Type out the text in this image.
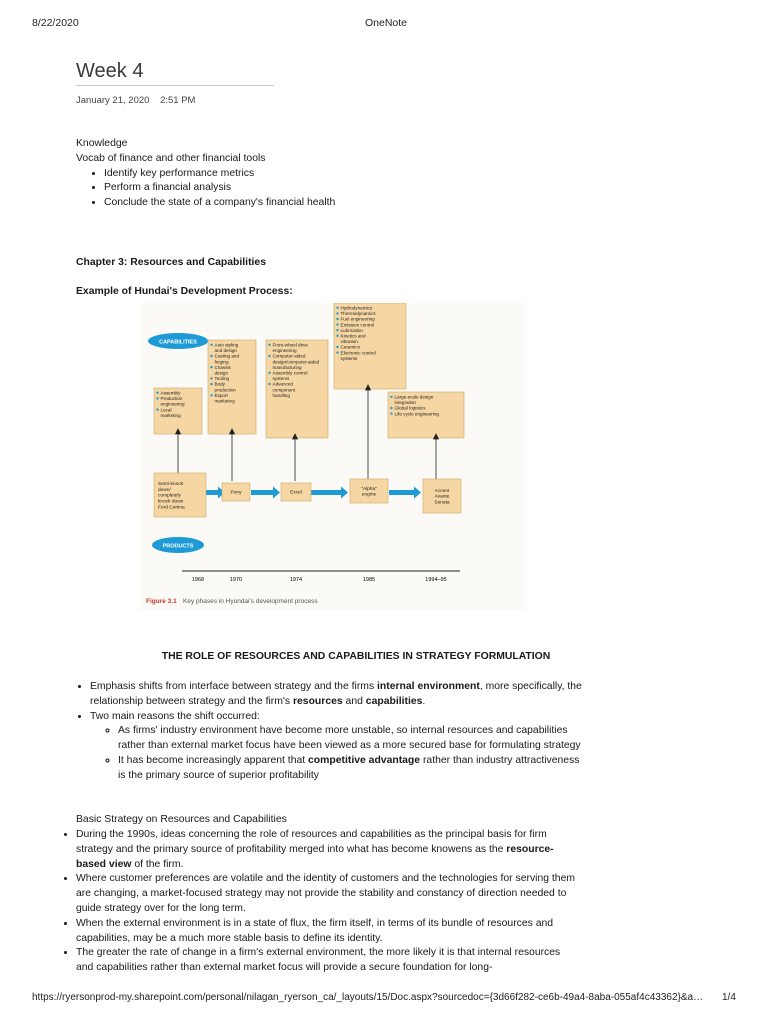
8/22/2020	OneNote
Week 4
January 21, 2020 2:51 PM

Knowledge

Vocab of finance and other financial tools

• Identify key performance metrics
• Perform a financial analysis
• Conclude the state of a company's financial health
Chapter 3: Resources and Capabilities
Example of Hundai's Development Process:
CAPABILITIES
PRODUCTS
Assembly
Production
engineering
Local
marketing
Auto styling
and design
Casting and
forging
Chassis
design
Tooling
Body
production
Export
marketing
Front-wheel drive
engineering
Computer-aided
design/computer-aided
manufacturing
Assembly control
systems
Advanced
component
handling
Hydrodynamics
Thermodynamics
Fuel engineering
Emission control
Lubrication
Kinetics and
vibration
Ceramics
Electronic control
systems
Large-scale design
integration
Global logistics
Life cycle engineering
Semi-knock-
down/
completely
knock down
Ford Cortina
Pony	Excel
"Alpha"
engine
Accent
Avante
Sonata
1968	1970	1974	1985	1994–95
Figure 3.1 Key phases in Hyundai's development process
THE ROLE OF RESOURCES AND CAPABILITIES IN STRATEGY FORMULATION
• Emphasis shifts from interface between strategy and the firms internal environment, more specifically, the relationship between strategy and the firm's resources and capabilities.
• Two main reasons the shift occurred:
◦ As firms' industry environment have become more unstable, so internal resources and capabilities rather than external market focus have been viewed as a more secured base for formulating strategy
◦ It has become increasingly apparent that competitive advantage rather than industry attractiveness is the primary source of superior profitability
Basic Strategy on Resources and Capabilities
• During the 1990s, ideas concerning the role of resources and capabilities as the principal basis for firm strategy and the primary source of profitability merged into what has become knowens as the resource-based view of the firm.
• Where customer preferences are volatile and the identity of customers and the technologies for serving them are changing, a market-focused strategy may not provide the stability and constancy of direction needed to guide strategy over for the long term.
• When the external environment is in a state of flux, the firm itself, in terms of its bundle of resources and capabilities, may be a much more stable basis to define its identity.
• The greater the rate of change in a firm's external environment, the more likely it is that internal resources and capabilities rather than external market focus will provide a secure foundation for long-
https://ryersonprod-my.sharepoint.com/personal/nilagan_ryerson_ca/_layouts/15/Doc.aspx?sourcedoc={3d66f282-ce6b-49a4-8aba-055af4c43362}&a… 1/4
